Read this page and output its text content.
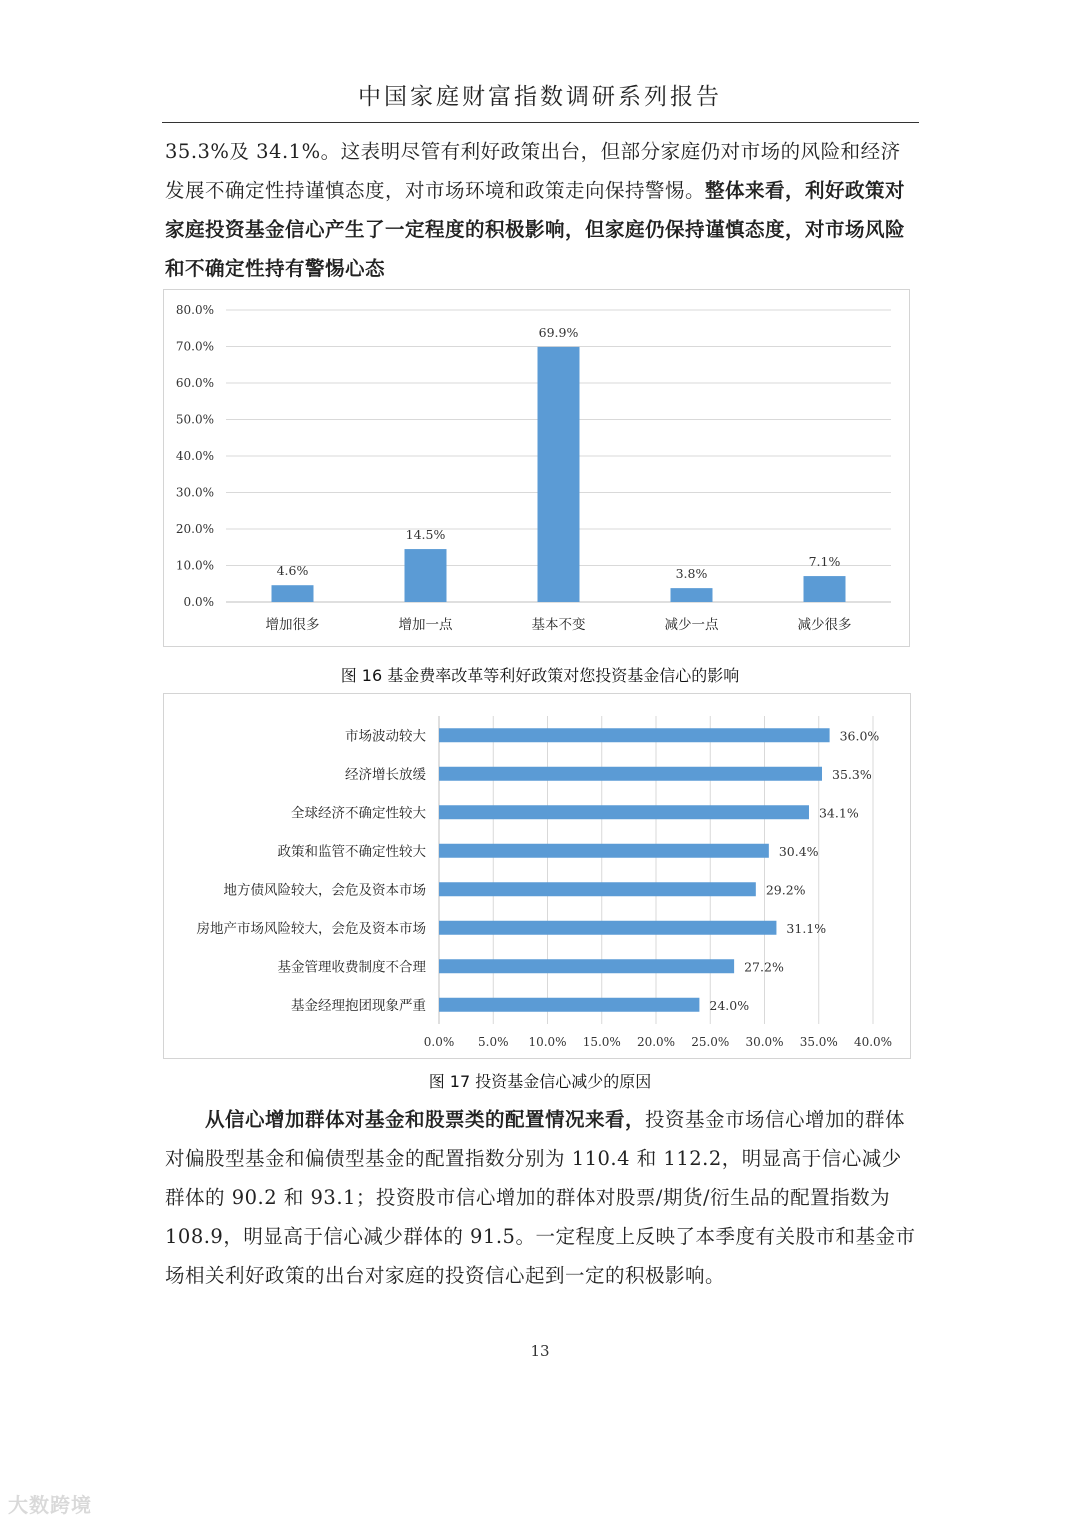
中国家庭财富指数调研系列报告
35.3%及 34.1%。这表明尽管有利好政策出台，但部分家庭仍对市场的风险和经济发展不确定性持谨慎态度，对市场环境和政策走向保持警惕。整体来看，利好政策对家庭投资基金信心产生了一定程度的积极影响，但家庭仍保持谨慎态度，对市场风险和不确定性持有警惕心态
0.0%
10.0%
20.0%
30.0%
40.0%
50.0%
60.0%
70.0%
80.0%
4.6%
增加很多
14.5%
增加一点
69.9%
基本不变
3.8%
减少一点
7.1%
减少很多
图 16 基金费率改革等利好政策对您投资基金信心的影响
0.0% 5.0% 10.0% 15.0% 20.0% 25.0% 30.0% 35.0% 40.0%
36.0%
市场波动较大
35.3%
经济增长放缓
34.1%
全球经济不确定性较大
30.4%
政策和监管不确定性较大
29.2%
地方债风险较大，会危及资本市场
31.1%
房地产市场风险较大，会危及资本市场
27.2%
基金管理收费制度不合理
24.0%
基金经理抱团现象严重
图 17 投资基金信心减少的原因
从信心增加群体对基金和股票类的配置情况来看，投资基金市场信心增加的群体对偏股型基金和偏债型基金的配置指数分别为 110.4 和 112.2，明显高于信心减少群体的 90.2 和 93.1；投资股市信心增加的群体对股票/期货/衍生品的配置指数为 108.9，明显高于信心减少群体的 91.5。一定程度上反映了本季度有关股市和基金市场相关利好政策的出台对家庭的投资信心起到一定的积极影响。
13
大数跨境
